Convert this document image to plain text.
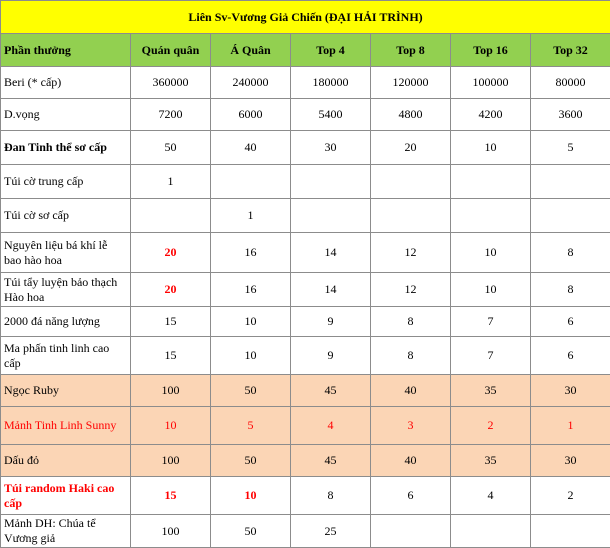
Liên Sv-Vương Giả Chiến (ĐẠI HẢI TRÌNH)						
Phần thưởng	Quán quân	Á Quân	Top 4	Top 8	Top 16	Top 32
Beri (* cấp)	360000	240000	180000	120000	100000	80000
D.vọng	7200	6000	5400	4800	4200	3600
Đan Tinh thể sơ cấp	50	40	30	20	10	5
Túi cờ trung cấp	1					
Túi cờ sơ cấp		1				
Nguyên liệu bá khí lễ bao hào hoa	20	16	14	12	10	8
Túi tẩy luyện bảo thạch Hào hoa	20	16	14	12	10	8
2000 đá năng lượng	15	10	9	8	7	6
Ma phấn tinh linh cao cấp	15	10	9	8	7	6
Ngọc Ruby	100	50	45	40	35	30
Mảnh Tinh Linh Sunny	10	5	4	3	2	1
Dấu đỏ	100	50	45	40	35	30
Túi random Haki cao cấp	15	10	8	6	4	2
Mảnh DH: Chúa tể Vương giả	100	50	25			
